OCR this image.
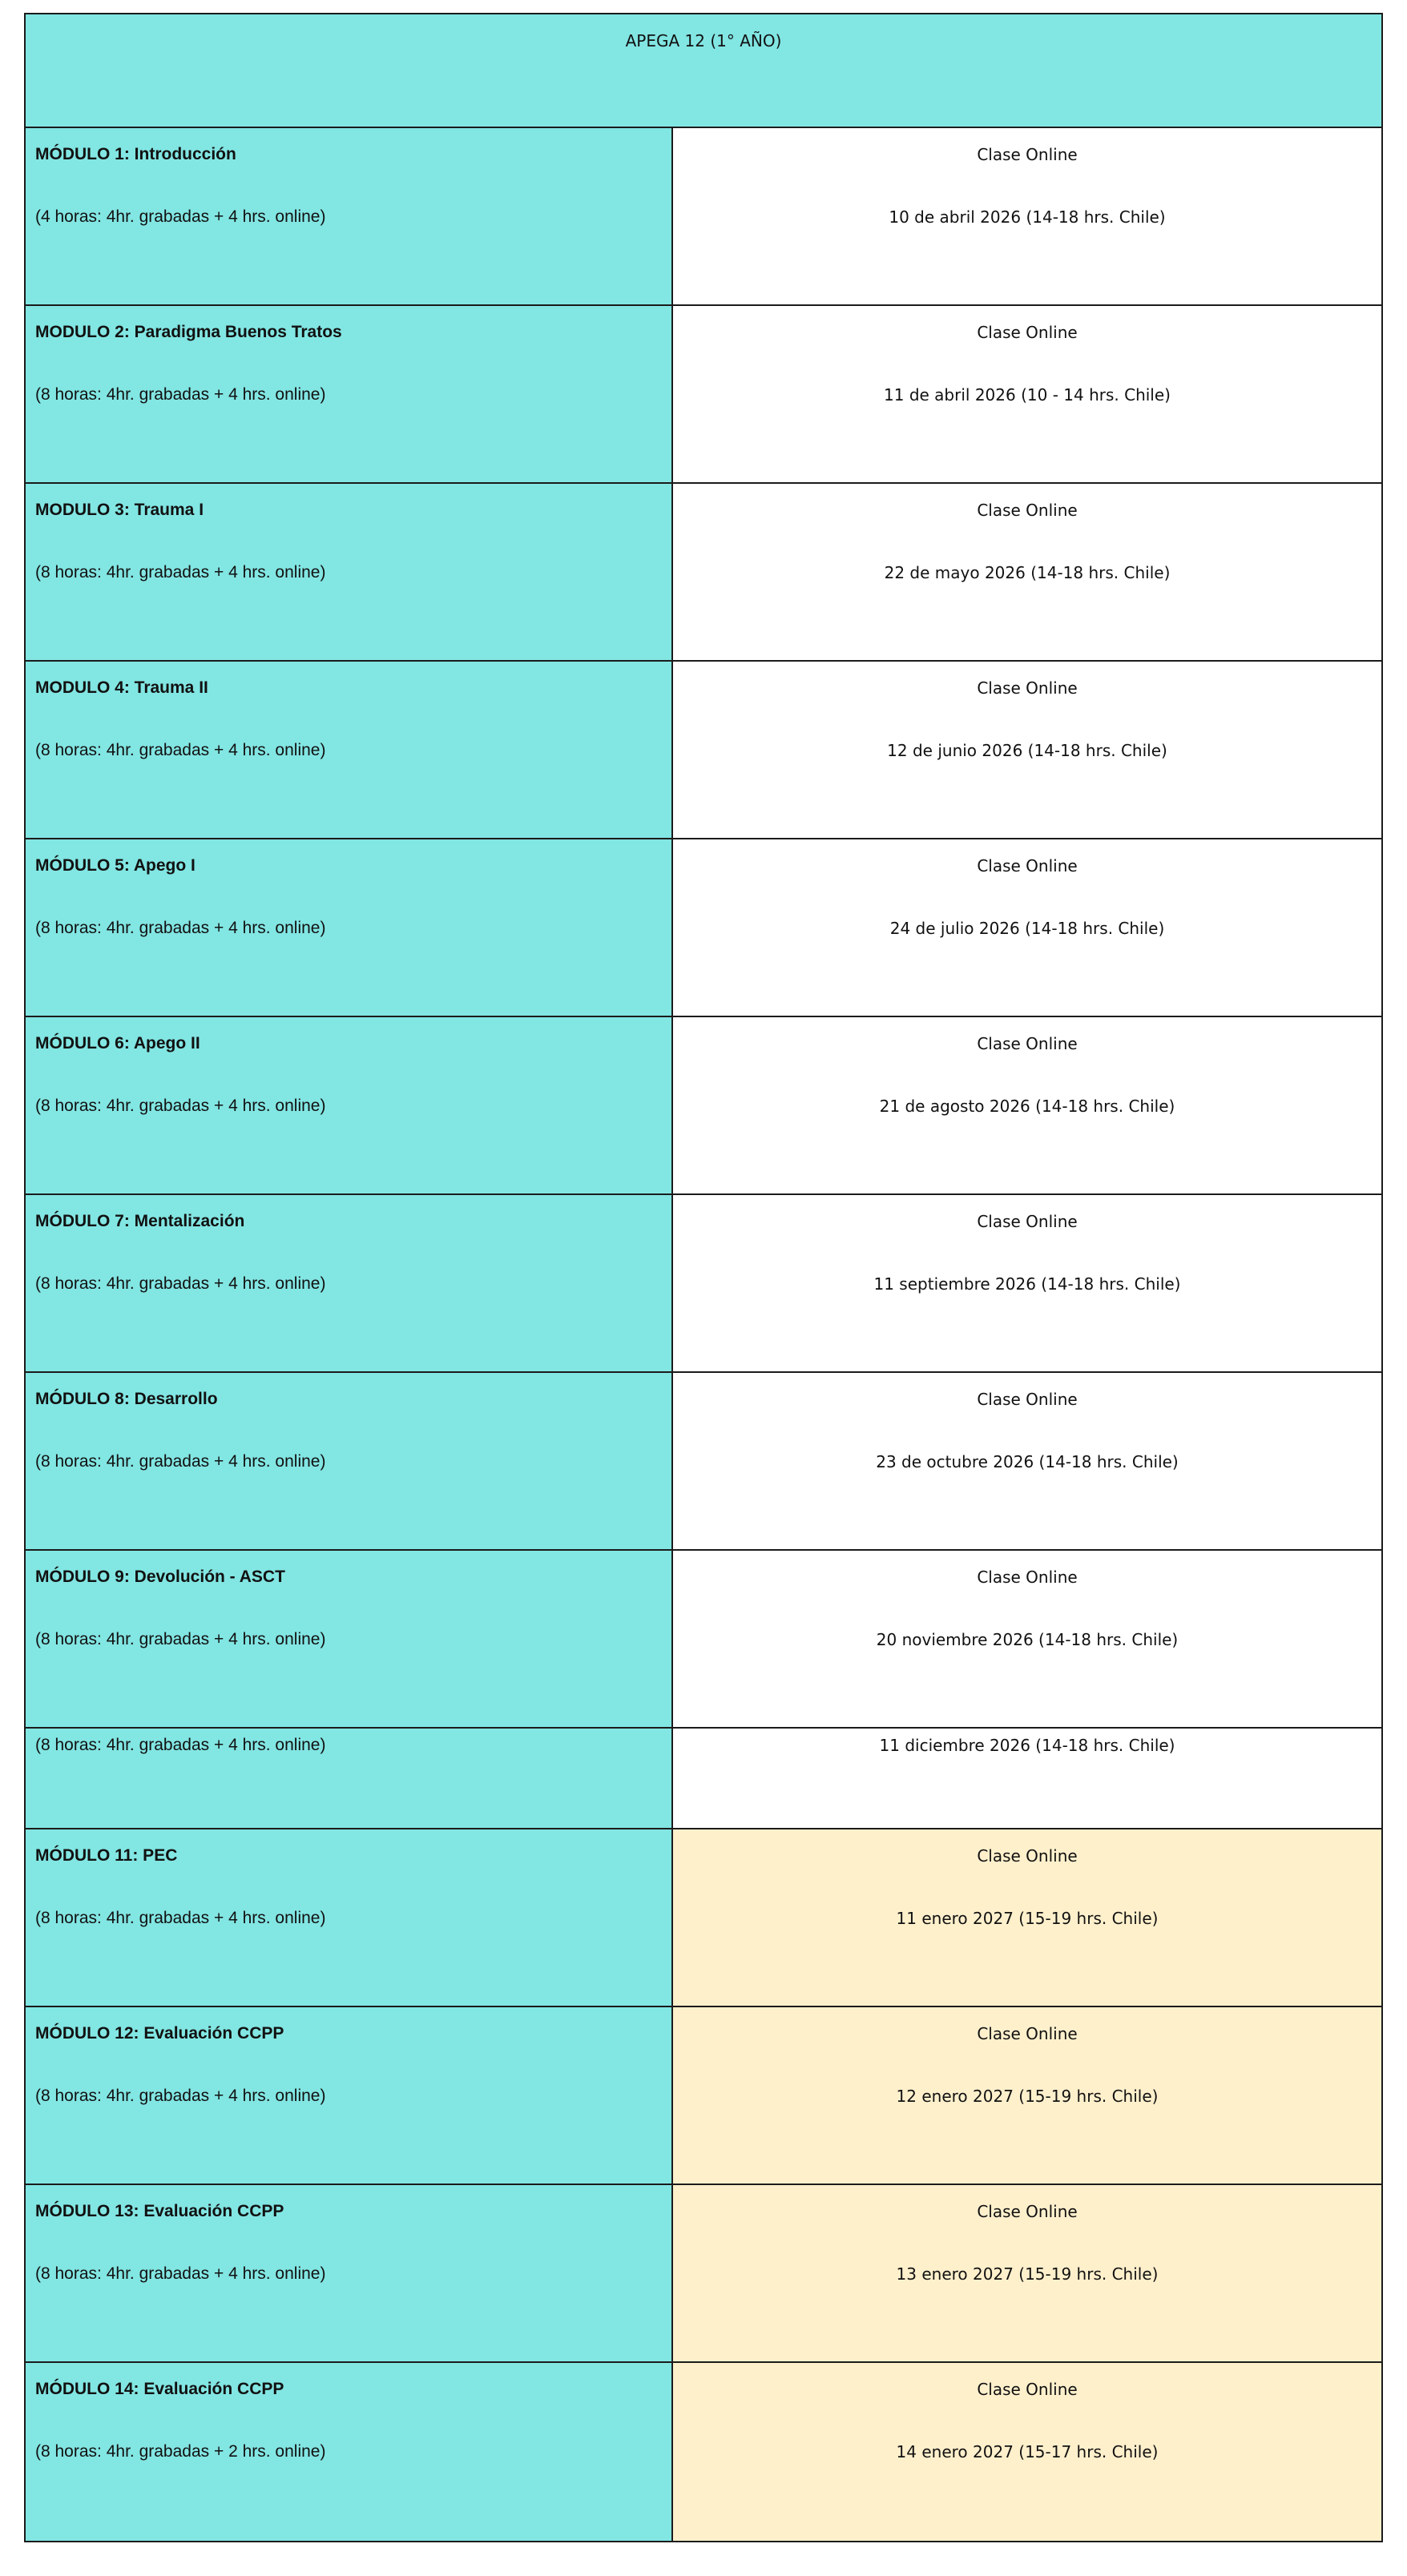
APEGA 12 (1° AÑO)
MÓDULO 1: Introducción
(4 horas: 4hr. grabadas + 4 hrs. online)
Clase Online
10 de abril 2026 (14-18 hrs. Chile)
MODULO 2: Paradigma Buenos Tratos
(8 horas: 4hr. grabadas + 4 hrs. online)
Clase Online
11 de abril 2026 (10 - 14 hrs. Chile)
MODULO 3: Trauma I
(8 horas: 4hr. grabadas + 4 hrs. online)
Clase Online
22 de mayo 2026 (14-18 hrs. Chile)
MODULO 4: Trauma II
(8 horas: 4hr. grabadas + 4 hrs. online)
Clase Online
12 de junio 2026 (14-18 hrs. Chile)
MÓDULO 5: Apego I
(8 horas: 4hr. grabadas + 4 hrs. online)
Clase Online
24 de julio 2026 (14-18 hrs. Chile)
MÓDULO 6: Apego II
(8 horas: 4hr. grabadas + 4 hrs. online)
Clase Online
21 de agosto 2026 (14-18 hrs. Chile)
MÓDULO 7: Mentalización
(8 horas: 4hr. grabadas + 4 hrs. online)
Clase Online
11 septiembre 2026 (14-18 hrs. Chile)
MÓDULO 8: Desarrollo
(8 horas: 4hr. grabadas + 4 hrs. online)
Clase Online
23 de octubre 2026 (14-18 hrs. Chile)
MÓDULO 9: Devolución - ASCT
(8 horas: 4hr. grabadas + 4 hrs. online)
Clase Online
20 noviembre 2026 (14-18 hrs. Chile)
(8 horas: 4hr. grabadas + 4 hrs. online)	11 diciembre 2026 (14-18 hrs. Chile)
MÓDULO 11: PEC
(8 horas: 4hr. grabadas + 4 hrs. online)
Clase Online
11 enero 2027 (15-19 hrs. Chile)
MÓDULO 12: Evaluación CCPP
(8 horas: 4hr. grabadas + 4 hrs. online)
Clase Online
12 enero 2027 (15-19 hrs. Chile)
MÓDULO 13: Evaluación CCPP
(8 horas: 4hr. grabadas + 4 hrs. online)
Clase Online
13 enero 2027 (15-19 hrs. Chile)
MÓDULO 14: Evaluación CCPP
(8 horas: 4hr. grabadas + 2 hrs. online)
Clase Online
14 enero 2027 (15-17 hrs. Chile)
